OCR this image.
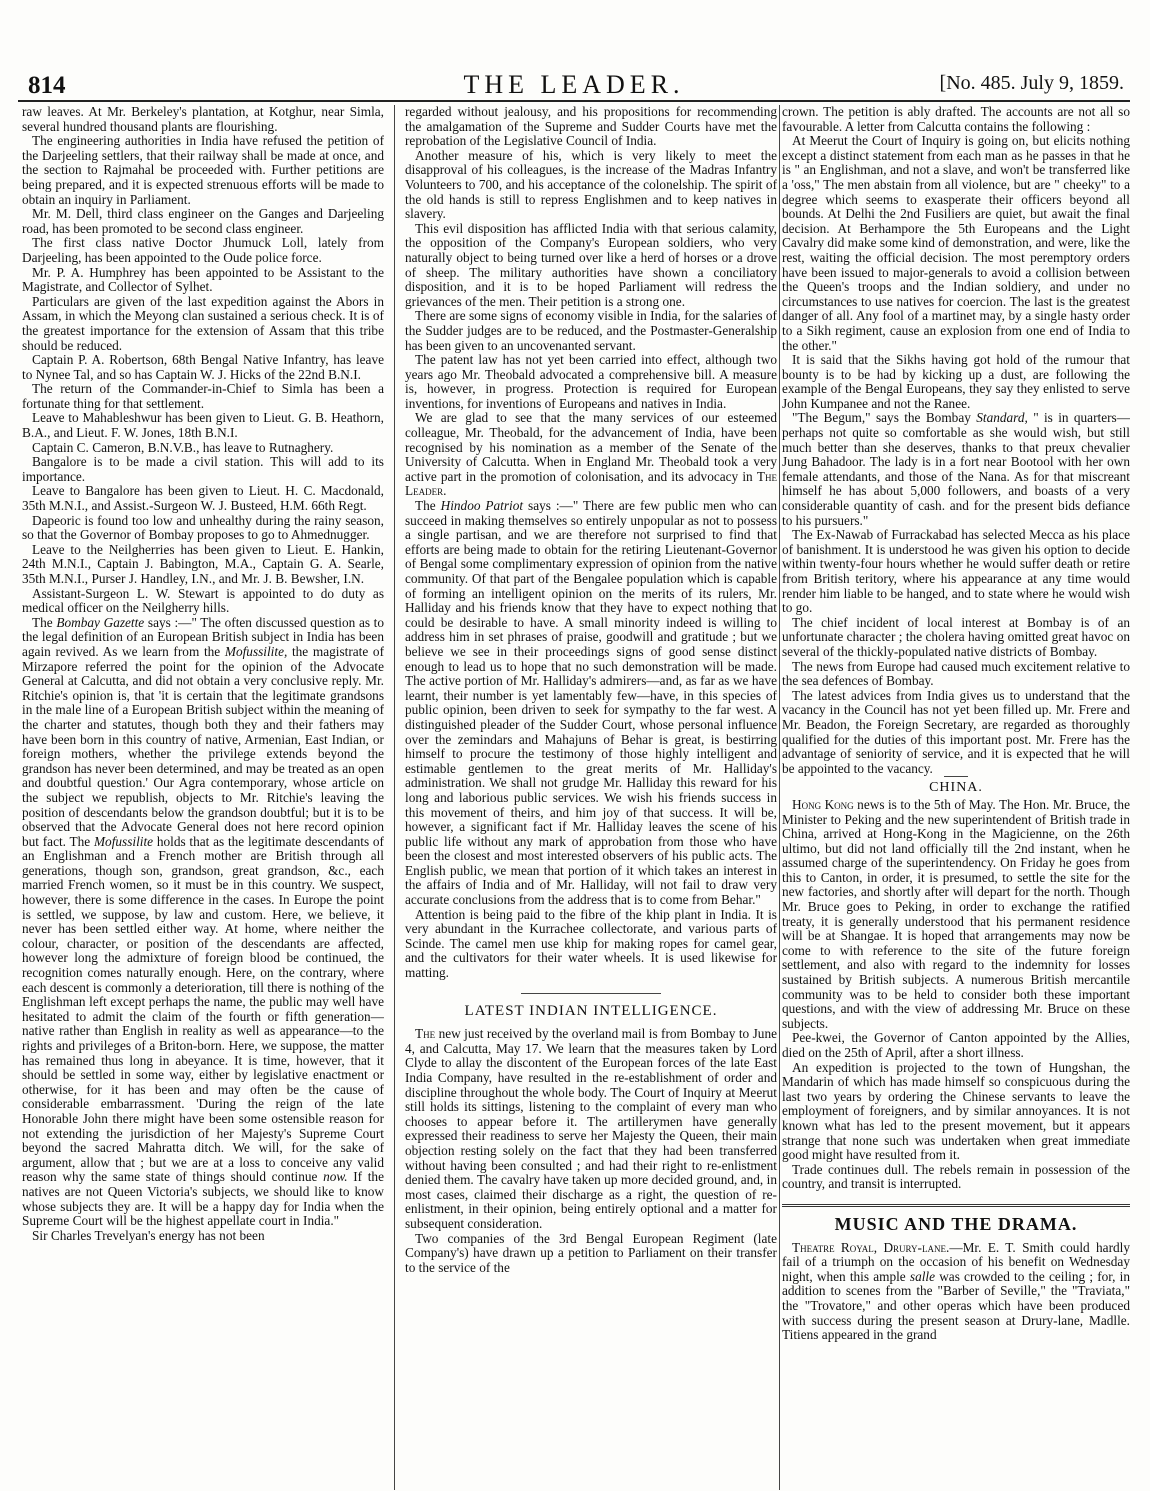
814	THE LEADER.	[No. 485. July 9, 1859.

raw leaves. At Mr. Berkeley's plantation, at Kotghur, near Simla, several hundred thousand plants are flourishing.

The engineering authorities in India have refused the petition of the Darjeeling settlers, that their railway shall be made at once, and the section to Rajmahal be proceeded with. Further petitions are being prepared, and it is expected strenuous efforts will be made to obtain an inquiry in Parliament.

Mr. M. Dell, third class engineer on the Ganges and Darjeeling road, has been promoted to be second class engineer.

The first class native Doctor Jhumuck Loll, lately from Darjeeling, has been appointed to the Oude police force.

Mr. P. A. Humphrey has been appointed to be Assistant to the Magistrate, and Collector of Sylhet.

Particulars are given of the last expedition against the Abors in Assam, in which the Meyong clan sustained a serious check. It is of the greatest importance for the extension of Assam that this tribe should be reduced.

Captain P. A. Robertson, 68th Bengal Native Infantry, has leave to Nynee Tal, and so has Captain W. J. Hicks of the 22nd B.N.I.

The return of the Commander-in-Chief to Simla has been a fortunate thing for that settlement.

Leave to Mahableshwur has been given to Lieut. G. B. Heathorn, B.A., and Lieut. F. W. Jones, 18th B.N.I.

Captain C. Cameron, B.N.V.B., has leave to Rutnaghery.

Bangalore is to be made a civil station. This will add to its importance.

Leave to Bangalore has been given to Lieut. H. C. Macdonald, 35th M.N.I., and Assist.-Surgeon W. J. Busteed, H.M. 66th Regt.

Dapeoric is found too low and unhealthy during the rainy season, so that the Governor of Bombay proposes to go to Ahmednugger.

Leave to the Neilgherries has been given to Lieut. E. Hankin, 24th M.N.I., Captain J. Babington, M.A., Captain G. A. Searle, 35th M.N.I., Purser J. Handley, I.N., and Mr. J. B. Bewsher, I.N.

Assistant-Surgeon L. W. Stewart is appointed to do duty as medical officer on the Neilgherry hills.

The Bombay Gazette says :—" The often discussed question as to the legal definition of an European British subject in India has been again revived. As we learn from the Mofussilite, the magistrate of Mirzapore referred the point for the opinion of the Advocate General at Calcutta, and did not obtain a very conclusive reply. Mr. Ritchie's opinion is, that 'it is certain that the legitimate grandsons in the male line of a European British subject within the meaning of the charter and statutes, though both they and their fathers may have been born in this country of native, Armenian, East Indian, or foreign mothers, whether the privilege extends beyond the grandson has never been determined, and may be treated as an open and doubtful question.' Our Agra contemporary, whose article on the subject we republish, objects to Mr. Ritchie's leaving the position of descendants below the grandson doubtful; but it is to be observed that the Advocate General does not here record opinion but fact. The Mofussilite holds that as the legitimate descendants of an Englishman and a French mother are British through all generations, though son, grandson, great grandson, &c., each married French women, so it must be in this country. We suspect, however, there is some difference in the cases. In Europe the point is settled, we suppose, by law and custom. Here, we believe, it never has been settled either way. At home, where neither the colour, character, or position of the descendants are affected, however long the admixture of foreign blood be continued, the recognition comes naturally enough. Here, on the contrary, where each descent is commonly a deterioration, till there is nothing of the Englishman left except perhaps the name, the public may well have hesitated to admit the claim of the fourth or fifth generation—native rather than English in reality as well as appearance—to the rights and privileges of a Briton-born. Here, we suppose, the matter has remained thus long in abeyance. It is time, however, that it should be settled in some way, either by legislative enactment or otherwise, for it has been and may often be the cause of considerable embarrassment. 'During the reign of the late Honorable John there might have been some ostensible reason for not extending the jurisdiction of her Majesty's Supreme Court beyond the sacred Mahratta ditch. We will, for the sake of argument, allow that ; but we are at a loss to conceive any valid reason why the same state of things should continue now. If the natives are not Queen Victoria's subjects, we should like to know whose subjects they are. It will be a happy day for India when the Supreme Court will be the highest appellate court in India."

Sir Charles Trevelyan's energy has not been

regarded without jealousy, and his propositions for recommending the amalgamation of the Supreme and Sudder Courts have met the reprobation of the Legislative Council of India.

Another measure of his, which is very likely to meet the disapproval of his colleagues, is the increase of the Madras Infantry Volunteers to 700, and his acceptance of the colonelship. The spirit of the old hands is still to repress Englishmen and to keep natives in slavery.

This evil disposition has afflicted India with that serious calamity, the opposition of the Company's European soldiers, who very naturally object to being turned over like a herd of horses or a drove of sheep. The military authorities have shown a conciliatory disposition, and it is to be hoped Parliament will redress the grievances of the men. Their petition is a strong one.

There are some signs of economy visible in India, for the salaries of the Sudder judges are to be reduced, and the Postmaster-Generalship has been given to an uncovenanted servant.

The patent law has not yet been carried into effect, although two years ago Mr. Theobald advocated a comprehensive bill. A measure is, however, in progress. Protection is required for European inventions, for inventions of Europeans and natives in India.

We are glad to see that the many services of our esteemed colleague, Mr. Theobald, for the advancement of India, have been recognised by his nomination as a member of the Senate of the University of Calcutta. When in England Mr. Theobald took a very active part in the promotion of colonisation, and its advocacy in The Leader.

The Hindoo Patriot says :—" There are few public men who can succeed in making themselves so entirely unpopular as not to possess a single partisan, and we are therefore not surprised to find that efforts are being made to obtain for the retiring Lieutenant-Governor of Bengal some complimentary expression of opinion from the native community. Of that part of the Bengalee population which is capable of forming an intelligent opinion on the merits of its rulers, Mr. Halliday and his friends know that they have to expect nothing that could be desirable to have. A small minority indeed is willing to address him in set phrases of praise, goodwill and gratitude ; but we believe we see in their proceedings signs of good sense distinct enough to lead us to hope that no such demonstration will be made. The active portion of Mr. Halliday's admirers—and, as far as we have learnt, their number is yet lamentably few—have, in this species of public opinion, been driven to seek for sympathy to the far west. A distinguished pleader of the Sudder Court, whose personal influence over the zemindars and Mahajuns of Behar is great, is bestirring himself to procure the testimony of those highly intelligent and estimable gentlemen to the great merits of Mr. Halliday's administration. We shall not grudge Mr. Halliday this reward for his long and laborious public services. We wish his friends success in this movement of theirs, and him joy of that success. It will be, however, a significant fact if Mr. Halliday leaves the scene of his public life without any mark of approbation from those who have been the closest and most interested observers of his public acts. The English public, we mean that portion of it which takes an interest in the affairs of India and of Mr. Halliday, will not fail to draw very accurate conclusions from the address that is to come from Behar."

Attention is being paid to the fibre of the khip plant in India. It is very abundant in the Kurrachee collectorate, and various parts of Scinde. The camel men use khip for making ropes for camel gear, and the cultivators for their water wheels. It is used likewise for matting.

LATEST INDIAN INTELLIGENCE.

The new just received by the overland mail is from Bombay to June 4, and Calcutta, May 17. We learn that the measures taken by Lord Clyde to allay the discontent of the European forces of the late East India Company, have resulted in the re-establishment of order and discipline throughout the whole body. The Court of Inquiry at Meerut still holds its sittings, listening to the complaint of every man who chooses to appear before it. The artillerymen have generally expressed their readiness to serve her Majesty the Queen, their main objection resting solely on the fact that they had been transferred without having been consulted ; and had their right to re-enlistment denied them. The cavalry have taken up more decided ground, and, in most cases, claimed their discharge as a right, the question of re-enlistment, in their opinion, being entirely optional and a matter for subsequent consideration.

Two companies of the 3rd Bengal European Regiment (late Company's) have drawn up a petition to Parliament on their transfer to the service of the

crown. The petition is ably drafted. The accounts are not all so favourable. A letter from Calcutta contains the following :

At Meerut the Court of Inquiry is going on, but elicits nothing except a distinct statement from each man as he passes in that he is " an Englishman, and not a slave, and won't be transferred like a 'oss," The men abstain from all violence, but are " cheeky" to a degree which seems to exasperate their officers beyond all bounds. At Delhi the 2nd Fusiliers are quiet, but await the final decision. At Berhampore the 5th Europeans and the Light Cavalry did make some kind of demonstration, and were, like the rest, waiting the official decision. The most peremptory orders have been issued to major-generals to avoid a collision between the Queen's troops and the Indian soldiery, and under no circumstances to use natives for coercion. The last is the greatest danger of all. Any fool of a martinet may, by a single hasty order to a Sikh regiment, cause an explosion from one end of India to the other."

It is said that the Sikhs having got hold of the rumour that bounty is to be had by kicking up a dust, are following the example of the Bengal Europeans, they say they enlisted to serve John Kumpanee and not the Ranee.

"The Begum," says the Bombay Standard, " is in quarters—perhaps not quite so comfortable as she would wish, but still much better than she deserves, thanks to that preux chevalier Jung Bahadoor. The lady is in a fort near Bootool with her own female attendants, and those of the Nana. As for that miscreant himself he has about 5,000 followers, and boasts of a very considerable quantity of cash. and for the present bids defiance to his pursuers."

The Ex-Nawab of Furrackabad has selected Mecca as his place of banishment. It is understood he was given his option to decide within twenty-four hours whether he would suffer death or retire from British teritory, where his appearance at any time would render him liable to be hanged, and to state where he would wish to go.

The chief incident of local interest at Bombay is of an unfortunate character ; the cholera having omitted great havoc on several of the thickly-populated native districts of Bombay.

The news from Europe had caused much excitement relative to the sea defences of Bombay.

The latest advices from India gives us to understand that the vacancy in the Council has not yet been filled up. Mr. Frere and Mr. Beadon, the Foreign Secretary, are regarded as thoroughly qualified for the duties of this important post. Mr. Frere has the advantage of seniority of service, and it is expected that he will be appointed to the vacancy.

CHINA.

Hong Kong news is to the 5th of May. The Hon. Mr. Bruce, the Minister to Peking and the new superintendent of British trade in China, arrived at Hong-Kong in the Magicienne, on the 26th ultimo, but did not land officially till the 2nd instant, when he assumed charge of the superintendency. On Friday he goes from this to Canton, in order, it is presumed, to settle the site for the new factories, and shortly after will depart for the north. Though Mr. Bruce goes to Peking, in order to exchange the ratified treaty, it is generally understood that his permanent residence will be at Shangae. It is hoped that arrangements may now be come to with reference to the site of the future foreign settlement, and also with regard to the indemnity for losses sustained by British subjects. A numerous British mercantile community was to be held to consider both these important questions, and with the view of addressing Mr. Bruce on these subjects.

Pee-kwei, the Governor of Canton appointed by the Allies, died on the 25th of April, after a short illness.

An expedition is projected to the town of Hungshan, the Mandarin of which has made himself so conspicuous during the last two years by ordering the Chinese servants to leave the employment of foreigners, and by similar annoyances. It is not known what has led to the present movement, but it appears strange that none such was undertaken when great immediate good might have resulted from it.

Trade continues dull. The rebels remain in possession of the country, and transit is interrupted.

MUSIC AND THE DRAMA.

Theatre Royal, Drury-lane.—Mr. E. T. Smith could hardly fail of a triumph on the occasion of his benefit on Wednesday night, when this ample salle was crowded to the ceiling ; for, in addition to scenes from the "Barber of Seville," the "Traviata," the "Trovatore," and other operas which have been produced with success during the present season at Drury-lane, Madlle. Titiens appeared in the grand
